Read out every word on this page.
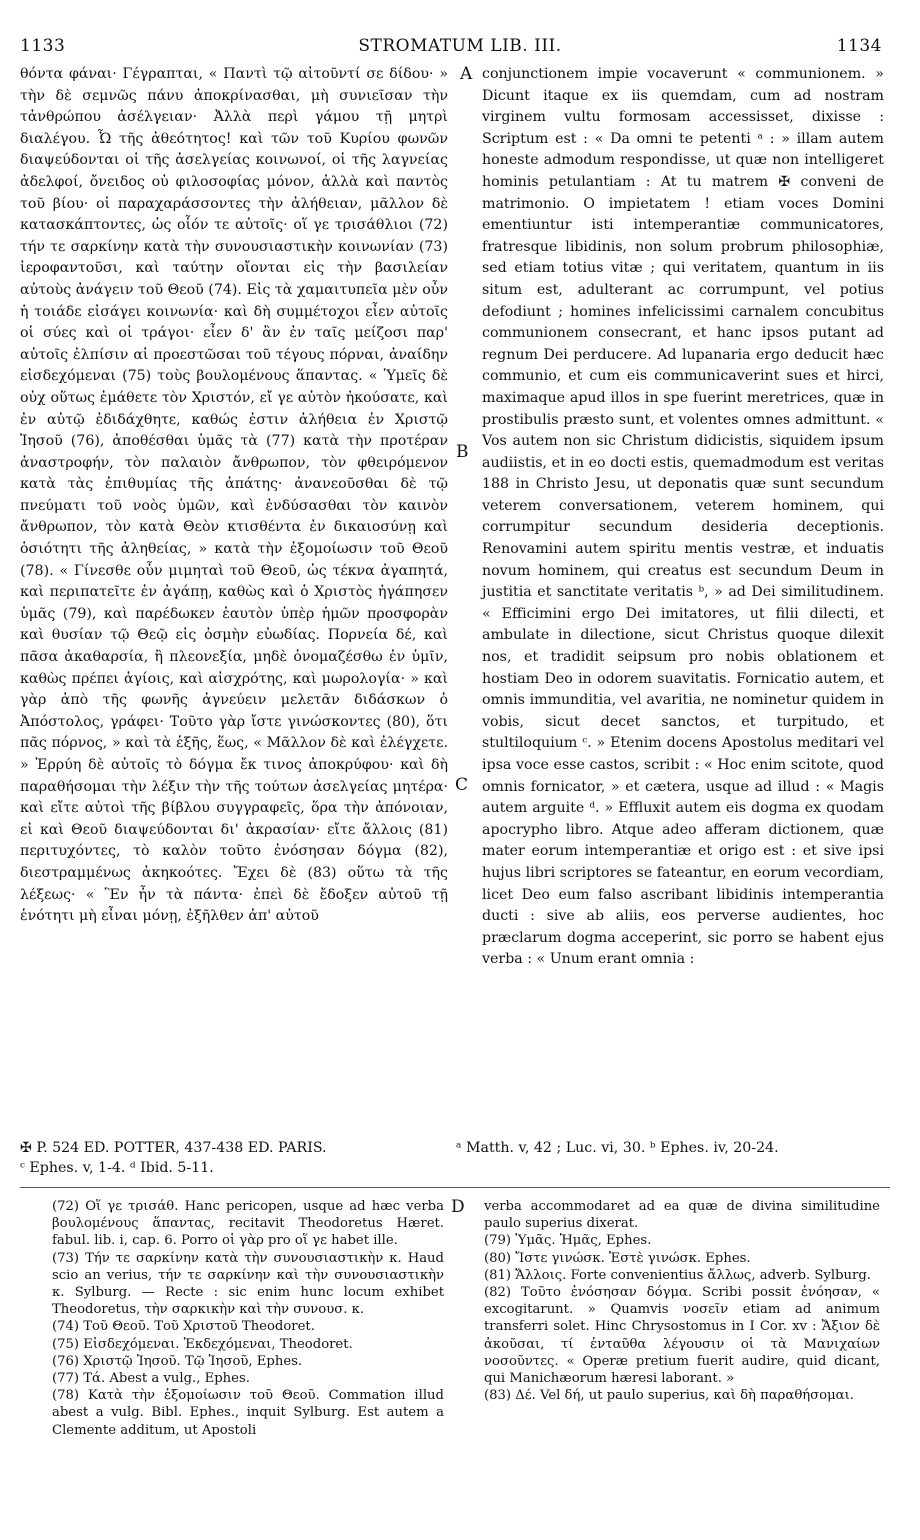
1133	STROMATUM LIB. III.	1134

θόντα φάναι· Γέγραπται, « Παντὶ τῷ αἰτοῦντί σε δίδου· » τὴν δὲ σεμνῶς πάνυ ἀποκρίνασθαι, μὴ συνιεῖσαν τὴν τἀνθρώπου ἀσέλγειαν· Ἀλλὰ περὶ γάμου τῇ μητρὶ διαλέγου. Ὦ τῆς ἀθεότητος! καὶ τῶν τοῦ Κυρίου φωνῶν διαψεύδονται οἱ τῆς ἀσελγείας κοινωνοί, οἱ τῆς λαγνείας ἀδελφοί, ὄνειδος οὐ φιλοσοφίας μόνον, ἀλλὰ καὶ παντὸς τοῦ βίου· οἱ παραχαράσσοντες τὴν ἀλήθειαν, μᾶλλον δὲ κατασκάπτοντες, ὡς οἷόν τε αὐτοῖς· οἵ γε τρισάθλιοι (72) τήν τε σαρκίνην κατὰ τὴν συνουσιαστικὴν κοινωνίαν (73) ἱεροφαντοῦσι, καὶ ταύτην οἴονται εἰς τὴν βασιλείαν αὐτοὺς ἀνάγειν τοῦ Θεοῦ (74). Εἰς τὰ χαμαιτυπεῖα μὲν οὖν ἡ τοιάδε εἰσάγει κοινωνία· καὶ δὴ συμμέτοχοι εἶεν αὐτοῖς οἱ σύες καὶ οἱ τράγοι· εἶεν δ' ἂν ἐν ταῖς μείζοσι παρ' αὐτοῖς ἐλπίσιν αἱ προεστῶσαι τοῦ τέγους πόρναι, ἀναίδην εἰσδεχόμεναι (75) τοὺς βουλομένους ἅπαντας. « Ὑμεῖς δὲ οὐχ οὕτως ἐμάθετε τὸν Χριστόν, εἴ γε αὐτὸν ἠκούσατε, καὶ ἐν αὐτῷ ἐδιδάχθητε, καθώς ἐστιν ἀλήθεια ἐν Χριστῷ Ἰησοῦ (76), ἀποθέσθαι ὑμᾶς τὰ (77) κατὰ τὴν προτέραν ἀναστροφήν, τὸν παλαιὸν ἄνθρωπον, τὸν φθειρόμενον κατὰ τὰς ἐπιθυμίας τῆς ἀπάτης· ἀνανεοῦσθαι δὲ τῷ πνεύματι τοῦ νοὸς ὑμῶν, καὶ ἐνδύσασθαι τὸν καινὸν ἄνθρωπον, τὸν κατὰ Θεὸν κτισθέντα ἐν δικαιοσύνῃ καὶ ὁσιότητι τῆς ἀληθείας, » κατὰ τὴν ἐξομοίωσιν τοῦ Θεοῦ (78). « Γίνεσθε οὖν μιμηταὶ τοῦ Θεοῦ, ὡς τέκνα ἀγαπητά, καὶ περιπατεῖτε ἐν ἀγάπῃ, καθὼς καὶ ὁ Χριστὸς ἠγάπησεν ὑμᾶς (79), καὶ παρέδωκεν ἑαυτὸν ὑπὲρ ἡμῶν προσφορὰν καὶ θυσίαν τῷ Θεῷ εἰς ὀσμὴν εὐωδίας. Πορνεία δέ, καὶ πᾶσα ἀκαθαρσία, ἢ πλεονεξία, μηδὲ ὀνομαζέσθω ἐν ὑμῖν, καθὼς πρέπει ἁγίοις, καὶ αἰσχρότης, καὶ μωρολογία· » καὶ γὰρ ἀπὸ τῆς φωνῆς ἁγνεύειν μελετᾶν διδάσκων ὁ Ἀπόστολος, γράφει· Τοῦτο γὰρ ἴστε γινώσκοντες (80), ὅτι πᾶς πόρνος, » καὶ τὰ ἑξῆς, ἕως, « Μᾶλλον δὲ καὶ ἐλέγχετε. » Ἐρρύη δὲ αὐτοῖς τὸ δόγμα ἔκ τινος ἀποκρύφου· καὶ δὴ παραθήσομαι τὴν λέξιν τὴν τῆς τούτων ἀσελγείας μητέρα· καὶ εἴτε αὐτοὶ τῆς βίβλου συγγραφεῖς, ὅρα τὴν ἀπόνοιαν, εἰ καὶ Θεοῦ διαψεύδονται δι' ἀκρασίαν· εἴτε ἄλλοις (81) περιτυχόντες, τὸ καλὸν τοῦτο ἐνόσησαν δόγμα (82), διεστραμμένως ἀκηκοότες. Ἔχει δὲ (83) οὕτω τὰ τῆς λέξεως· « Ἓν ἦν τὰ πάντα· ἐπεὶ δὲ ἔδοξεν αὐτοῦ τῇ ἑνότητι μὴ εἶναι μόνῃ, ἐξῆλθεν ἀπ' αὐτοῦ

A
B
C
D

conjunctionem impie vocaverunt « communionem. » Dicunt itaque ex iis quemdam, cum ad nostram virginem vultu formosam accessisset, dixisse : Scriptum est : « Da omni te petenti ᵃ : » illam autem honeste admodum respondisse, ut quæ non intelligeret hominis petulantiam : At tu matrem ✠ conveni de matrimonio. O impietatem ! etiam voces Domini ementiuntur isti intemperantiæ communicatores, fratresque libidinis, non solum probrum philosophiæ, sed etiam totius vitæ ; qui veritatem, quantum in iis situm est, adulterant ac corrumpunt, vel potius defodiunt ; homines infelicissimi carnalem concubitus communionem consecrant, et hanc ipsos putant ad regnum Dei perducere. Ad lupanaria ergo deducit hæc communio, et cum eis communicaverint sues et hirci, maximaque apud illos in spe fuerint meretrices, quæ in prostibulis præsto sunt, et volentes omnes admittunt. « Vos autem non sic Christum didicistis, siquidem ipsum audiistis, et in eo docti estis, quemadmodum est veritas 188 in Christo Jesu, ut deponatis quæ sunt secundum veterem conversationem, veterem hominem, qui corrumpitur secundum desideria deceptionis. Renovamini autem spiritu mentis vestræ, et induatis novum hominem, qui creatus est secundum Deum in justitia et sanctitate veritatis ᵇ, » ad Dei similitudinem. « Efficimini ergo Dei imitatores, ut filii dilecti, et ambulate in dilectione, sicut Christus quoque dilexit nos, et tradidit seipsum pro nobis oblationem et hostiam Deo in odorem suavitatis. Fornicatio autem, et omnis immunditia, vel avaritia, ne nominetur quidem in vobis, sicut decet sanctos, et turpitudo, et stultiloquium ᶜ. » Etenim docens Apostolus meditari vel ipsa voce esse castos, scribit : « Hoc enim scitote, quod omnis fornicator, » et cætera, usque ad illud : « Magis autem arguite ᵈ. » Effluxit autem eis dogma ex quodam apocrypho libro. Atque adeo afferam dictionem, quæ mater eorum intemperantiæ et origo est : et sive ipsi hujus libri scriptores se fateantur, en eorum vecordiam, licet Deo eum falso ascribant libidinis intemperantia ducti : sive ab aliis, eos perverse audientes, hoc præclarum dogma acceperint, sic porro se habent ejus verba : « Unum erant omnia :

✠ P. 524 ED. POTTER, 437-438 ED. PARIS.
ᶜ Ephes. v, 1-4. ᵈ Ibid. 5-11.
ᵃ Matth. v, 42 ; Luc. vi, 30. ᵇ Ephes. iv, 20-24.

(72) Οἵ γε τρισάθ. Hanc pericopen, usque ad hæc verba βουλομένους ἅπαντας, recitavit Theodoretus Hæret. fabul. lib. i, cap. 6. Porro οἱ γὰρ pro οἵ γε habet ille.

(73) Τήν τε σαρκίνην κατὰ τὴν συνουσιαστικὴν κ. Haud scio an verius, τήν τε σαρκίνην καὶ τὴν συνουσιαστικὴν κ. Sylburg. — Recte : sic enim hunc locum exhibet Theodoretus, τὴν σαρκικὴν καὶ τὴν συνουσ. κ.

(74) Τοῦ Θεοῦ. Τοῦ Χριστοῦ Theodoret.

(75) Εἰσδεχόμεναι. Ἐκδεχόμεναι, Theodoret.

(76) Χριστῷ Ἰησοῦ. Τῷ Ἰησοῦ, Ephes.

(77) Τά. Abest a vulg., Ephes.

(78) Κατὰ τὴν ἐξομοίωσιν τοῦ Θεοῦ. Commation illud abest a vulg. Bibl. Ephes., inquit Sylburg. Est autem a Clemente additum, ut Apostoli

verba accommodaret ad ea quæ de divina similitudine paulo superius dixerat.

(79) Ὑμᾶς. Ἡμᾶς, Ephes.

(80) Ἴστε γινώσκ. Ἐστὲ γινώσκ. Ephes.

(81) Ἄλλοις. Forte convenientius ἄλλως, adverb. Sylburg.

(82) Τοῦτο ἐνόσησαν δόγμα. Scribi possit ἐνόησαν, « excogitarunt. » Quamvis νοσεῖν etiam ad animum transferri solet. Hinc Chrysostomus in I Cor. xv : Ἄξιον δὲ ἀκοῦσαι, τί ἐνταῦθα λέγουσιν οἱ τὰ Μανιχαίων νοσοῦντες. « Operæ pretium fuerit audire, quid dicant, qui Manichæorum hæresi laborant. »

(83) Δέ. Vel δή, ut paulo superius, καὶ δὴ παραθήσομαι.
